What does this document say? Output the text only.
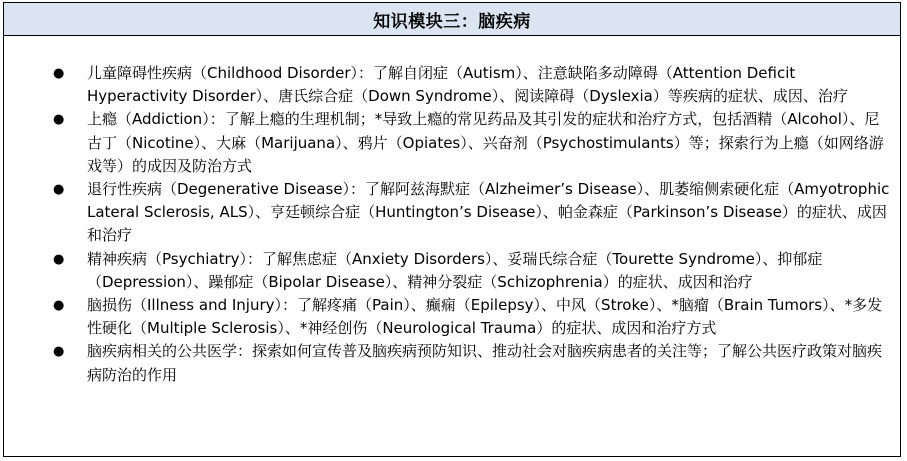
知识模块三：脑疾病
● 儿童障碍性疾病（Childhood Disorder）：了解自闭症（Autism）、注意缺陷多动障碍（Attention Deficit Hyperactivity Disorder）、唐氏综合症（Down Syndrome）、阅读障碍（Dyslexia）等疾病的症状、成因、治疗
● 上瘾（Addiction）：了解上瘾的生理机制；*导致上瘾的常见药品及其引发的症状和治疗方式，包括酒精（Alcohol）、尼古丁（Nicotine）、大麻（Marijuana）、鸦片（Opiates）、兴奋剂（Psychostimulants）等；探索行为上瘾（如网络游戏等）的成因及防治方式
● 退行性疾病（Degenerative Disease）：了解阿兹海默症（Alzheimer’s Disease）、肌萎缩侧索硬化症（Amyotrophic Lateral Sclerosis, ALS）、亨廷顿综合症（Huntington’s Disease）、帕金森症（Parkinson’s Disease）的症状、成因和治疗
● 精神疾病（Psychiatry）：了解焦虑症（Anxiety Disorders）、妥瑞氏综合症（Tourette Syndrome）、抑郁症（Depression）、躁郁症（Bipolar Disease）、精神分裂症（Schizophrenia）的症状、成因和治疗
● 脑损伤（Illness and Injury）：了解疼痛（Pain）、癫痫（Epilepsy）、中风（Stroke）、*脑瘤（Brain Tumors）、*多发性硬化（Multiple Sclerosis）、*神经创伤（Neurological Trauma）的症状、成因和治疗方式
● 脑疾病相关的公共医学：探索如何宣传普及脑疾病预防知识、推动社会对脑疾病患者的关注等；了解公共医疗政策对脑疾病防治的作用
